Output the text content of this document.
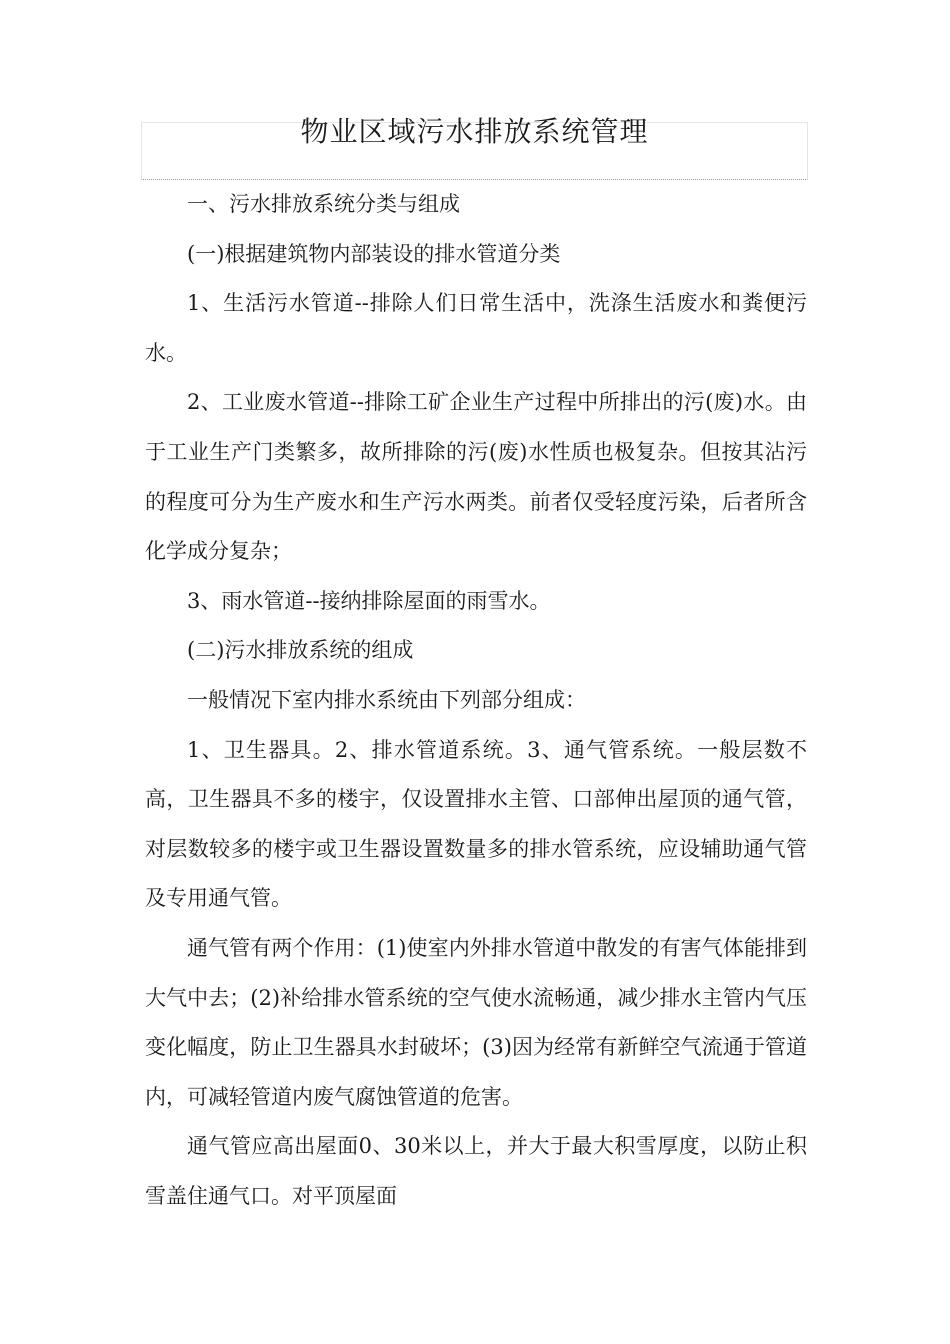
物业区域污水排放系统管理

一、污水排放系统分类与组成

(一)根据建筑物内部装设的排水管道分类

1、生活污水管道--排除人们日常生活中，洗涤生活废水和粪便污水。

2、工业废水管道--排除工矿企业生产过程中所排出的污(废)水。由于工业生产门类繁多，故所排除的污(废)水性质也极复杂。但按其沾污的程度可分为生产废水和生产污水两类。前者仅受轻度污染，后者所含化学成分复杂；

3、雨水管道--接纳排除屋面的雨雪水。

(二)污水排放系统的组成

一般情况下室内排水系统由下列部分组成：

1、卫生器具。2、排水管道系统。3、通气管系统。一般层数不高，卫生器具不多的楼宇，仅设置排水主管、口部伸出屋顶的通气管，对层数较多的楼宇或卫生器设置数量多的排水管系统，应设辅助通气管及专用通气管。

通气管有两个作用：(1)使室内外排水管道中散发的有害气体能排到大气中去；(2)补给排水管系统的空气使水流畅通，减少排水主管内气压变化幅度，防止卫生器具水封破坏；(3)因为经常有新鲜空气流通于管道内，可减轻管道内废气腐蚀管道的危害。

通气管应高出屋面0、30米以上，并大于最大积雪厚度，以防止积雪盖住通气口。对平顶屋面
